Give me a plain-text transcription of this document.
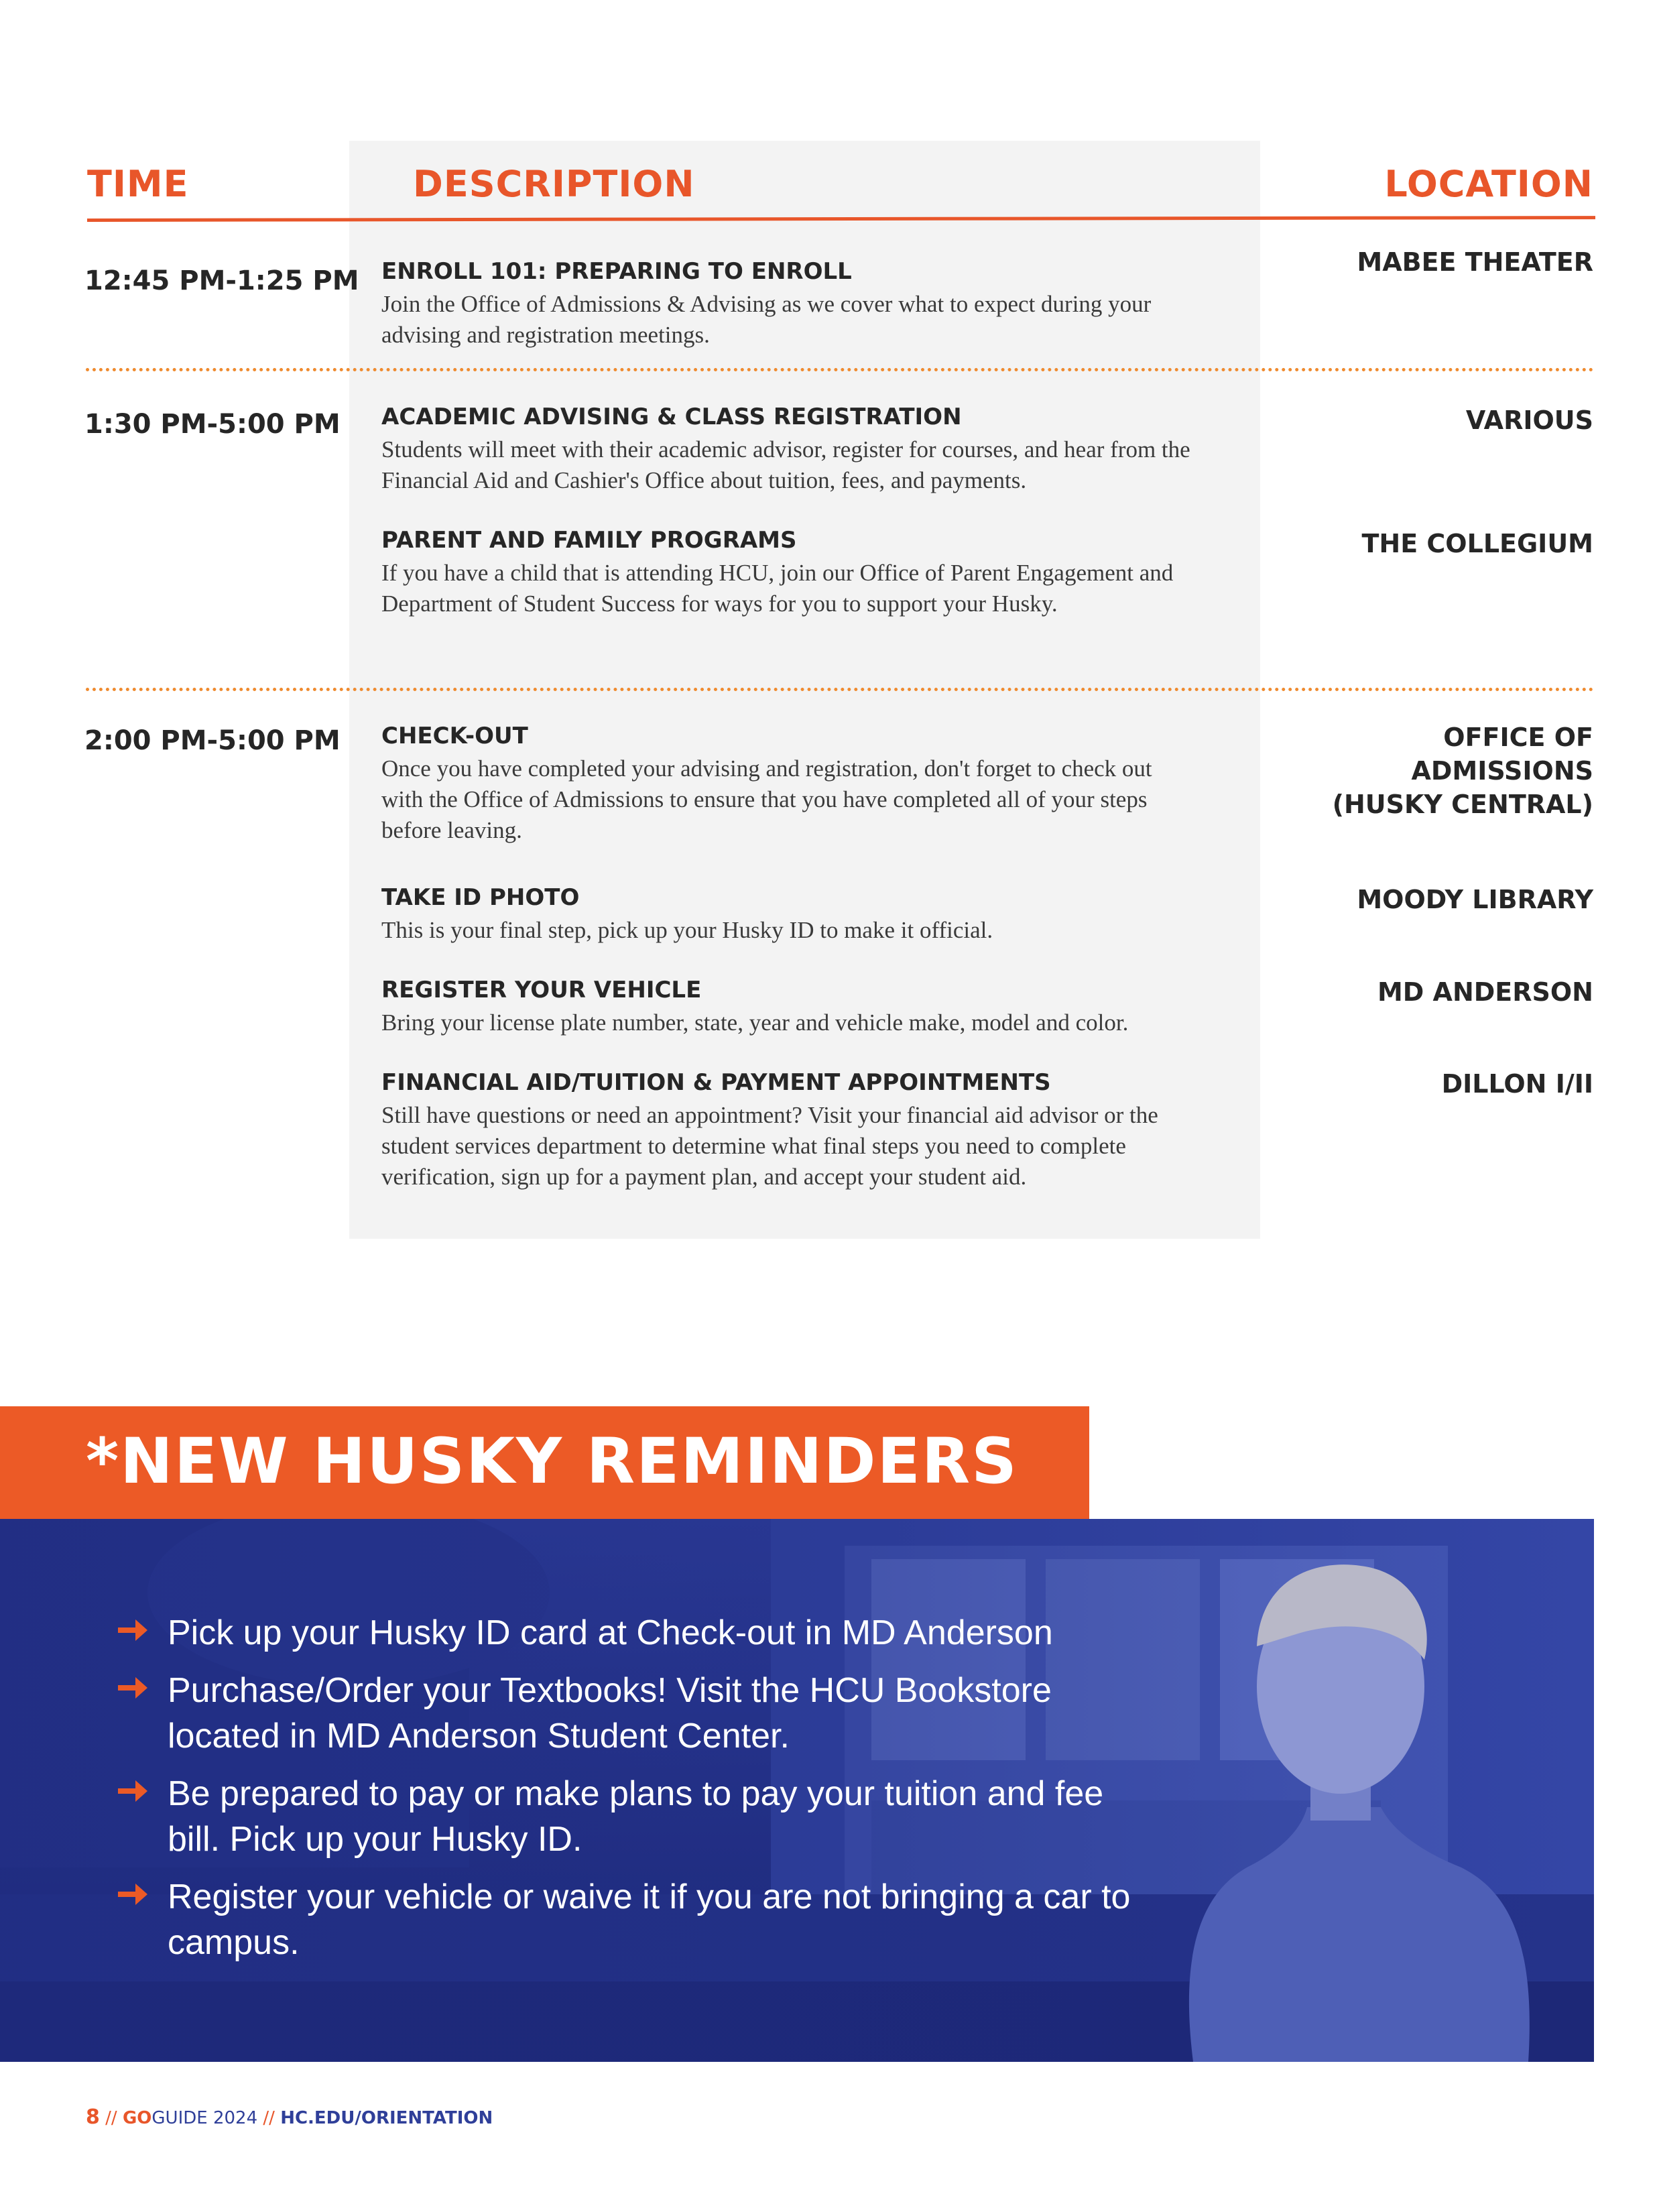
TIME	DESCRIPTION	LOCATION
12:45 PM-1:25 PM ENROLL 101: PREPARING TO ENROLL
Join the Office of Admissions & Advising as we cover what to expect during your advising and registration meetings.
MABEE THEATER
1:30 PM-5:00 PM ACADEMIC ADVISING & CLASS REGISTRATION
Students will meet with their academic advisor, register for courses, and hear from the Financial Aid and Cashier's Office about tuition, fees, and payments.
VARIOUS
PARENT AND FAMILY PROGRAMS
If you have a child that is attending HCU, join our Office of Parent Engagement and Department of Student Success for ways for you to support your Husky.
THE COLLEGIUM
2:00 PM-5:00 PM CHECK-OUT
Once you have completed your advising and registration, don't forget to check out with the Office of Admissions to ensure that you have completed all of your steps before leaving.
OFFICE OF ADMISSIONS (HUSKY CENTRAL)
TAKE ID PHOTO
This is your final step, pick up your Husky ID to make it official.
MOODY LIBRARY
REGISTER YOUR VEHICLE
Bring your license plate number, state, year and vehicle make, model and color.
MD ANDERSON
FINANCIAL AID/TUITION & PAYMENT APPOINTMENTS
Still have questions or need an appointment? Visit your financial aid advisor or the student services department to determine what final steps you need to complete verification, sign up for a payment plan, and accept your student aid.
DILLON I/II
*NEW HUSKY REMINDERS
Pick up your Husky ID card at Check-out in MD Anderson
Purchase/Order your Textbooks! Visit the HCU Bookstore located in MD Anderson Student Center.
Be prepared to pay or make plans to pay your tuition and fee bill. Pick up your Husky ID.
Register your vehicle or waive it if you are not bringing a car to campus.
8 // GOGUIDE 2024 // HC.EDU/ORIENTATION
